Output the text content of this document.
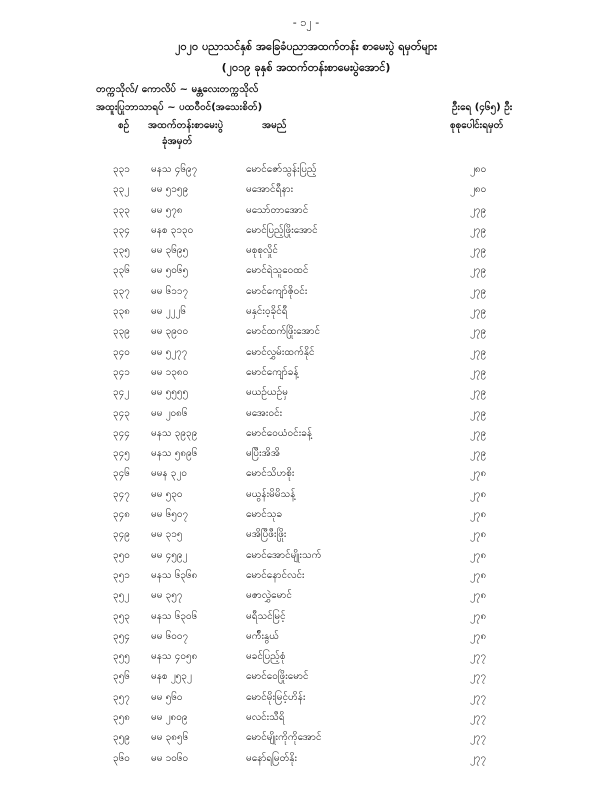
- ၁၂ -
၂၀၂၀ ပညာသင်နှစ် အခြေခံပညာအထက်တန်း စာမေးပွဲ ရမှတ်များ
(၂၀၁၉ ခုနှစ် အထက်တန်းစာမေးပွဲအောင်)
တက္ကသိုလ်/ ကောလိပ် ~ မန္တလေးတက္ကသိုလ်
အထူးပြုဘာသာရပ် ~ ပထဝီဝင်(အသေးစိတ်)	ဦးရေ (၄၆၅) ဦး
စဉ် အထက်တန်းစာမေးပွဲ
ခုံအမှတ်
အမည်	စုစုပေါင်းရမှတ်
၃၃၁ မနသ ၄၆၉၇	မောင်ဇော်သွန်းပြည့်	၂၈၀
၃၃၂ မမ ၅၁၅၉	မအောင်ရီနား	၂၈၀
၃၃၃ မမ ၅၇၈	မသော်တာအောင်	၂၇၉
၃၃၄ မနစ ၃၁၃၀	မောင်ပြည့်ဖြိုးအောင်	၂၇၉
၃၃၅ မမ ၃၆၉၅	မစုစုလှိုင်	၂၇၉
၃၃၆ မမ ၅၀၆၅	မောင်ရဲသူဝေထင်	၂၇၉
၃၃၇ မမ ၆၁၁၇	မောင်ကျော်ဇိုဝင်း	၂၇၉
၃၃၈ မမ ၂၂၂၆	မနှင်းဝ့ခိုင်ရီ	၂၇၉
၃၃၉ မမ ၃၉၀၀	မောင်ထက်ဖြိုးအောင်	၂၇၉
၃၄၀ မမ ၅၂၇၇	မောင်လွှမ်းထက်နိုင်	၂၇၉
၃၄၁ မမ ၁၃၈၀	မောင်ကျော်ခန့်	၂၇၉
၃၄၂ မမ ၅၅၅၅	မယဉ်ယဉ်မှ	၂၇၉
၃၄၃ မမ ၂၀၈၆	မအေးဝင်း	၂၇၉
၃၄၄ မနသ ၃၉၃၉	မောင်ဝေယံဝင်းခန့်	၂၇၉
၃၄၅ မနသ ၅၈၉၆	မပြီးအိအိ	၂၇၉
၃၄၆ မမန ၃၂၀	မောင်သိဟစိုး	၂၇၈
၃၄၇ မမ ၅၃၀	မယွန်းမိမိသန့်	၂၇၈
၃၄၈ မမ ၆၅၀၇	မောင်သုခ	၂၇၈
၃၄၉ မမ ၃၁၅	မအိပြီဖီးဖြိုး	၂၇၈
၃၅၀ မမ ၄၅၉၂	မောင်အောင်မျိုးသက်	၂၇၈
၃၅၁ မနသ ၆၃၆၈	မောင်နောင်လင်း	၂၇၈
၃၅၂ မမ ၃၅၇	မဇာလွှဲမောင်	၂၇၈
၃၅၃ မနသ ၆၃၀၆	မရီသင်မြင့်	၂၇၈
၃၅၄ မမ ၆၀၀၇	မက်ီးနွယ်	၂၇၈
၃၅၅ မနသ ၄၀၅၈	မခင်ပြည့်စုံ	၂၇၇
၃၅၆ မနစ ၂၅၃၂	မောင်ဝေဖြိုးမောင်	၂၇၇
၃၅၇ မမ ၅၆၀	မောင်မိုးမြင့်ဟိန်း	၂၇၇
၃၅၈ မမ ၂၈၀၉	မလင်းသီရိ	၂၇၇
၃၅၉ မမ ၃၈၅၆	မောင်မျိုးကိုကိုအောင်	၂၇၇
၃၆၀ မမ ၁၀၆၀	မနော်ရမြတ်နိုး	၂၇၇
